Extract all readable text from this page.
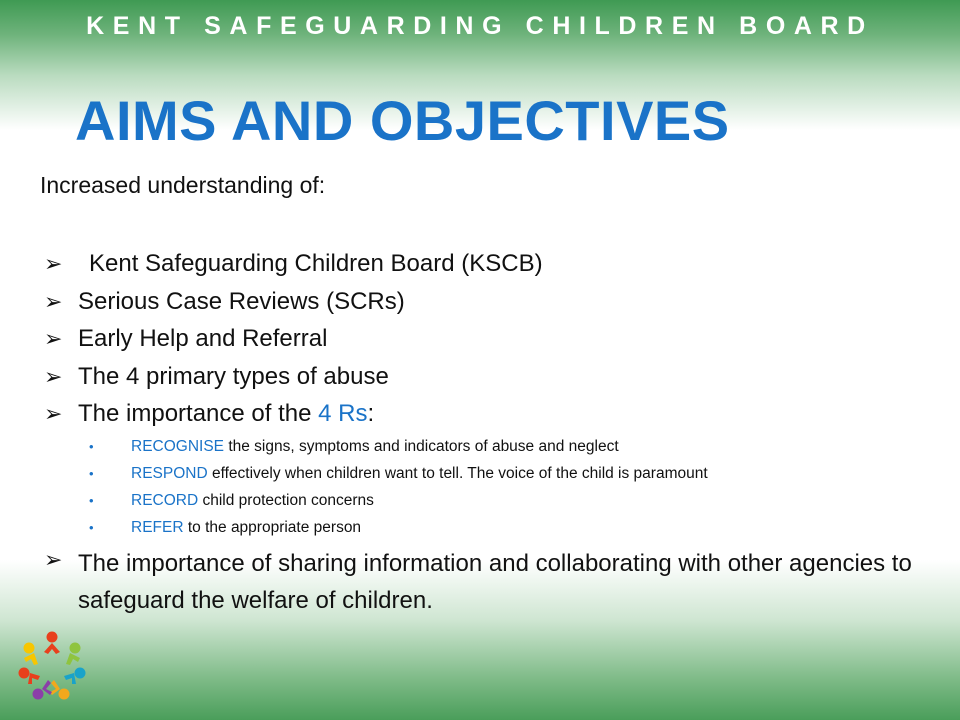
KENT SAFEGUARDING CHILDREN BOARD
AIMS AND OBJECTIVES
Increased understanding of:
➢ Kent Safeguarding Children Board (KSCB)
➢ Serious Case Reviews (SCRs)
➢ Early Help and Referral
➢ The 4 primary types of abuse
➢ The importance of the 4 Rs:
• RECOGNISE the signs, symptoms and indicators of abuse and neglect
• RESPOND effectively when children want to tell. The voice of the child is paramount
• RECORD child protection concerns
• REFER to the appropriate person
➢ The importance of sharing information and collaborating with other agencies to safeguard the welfare of children.
